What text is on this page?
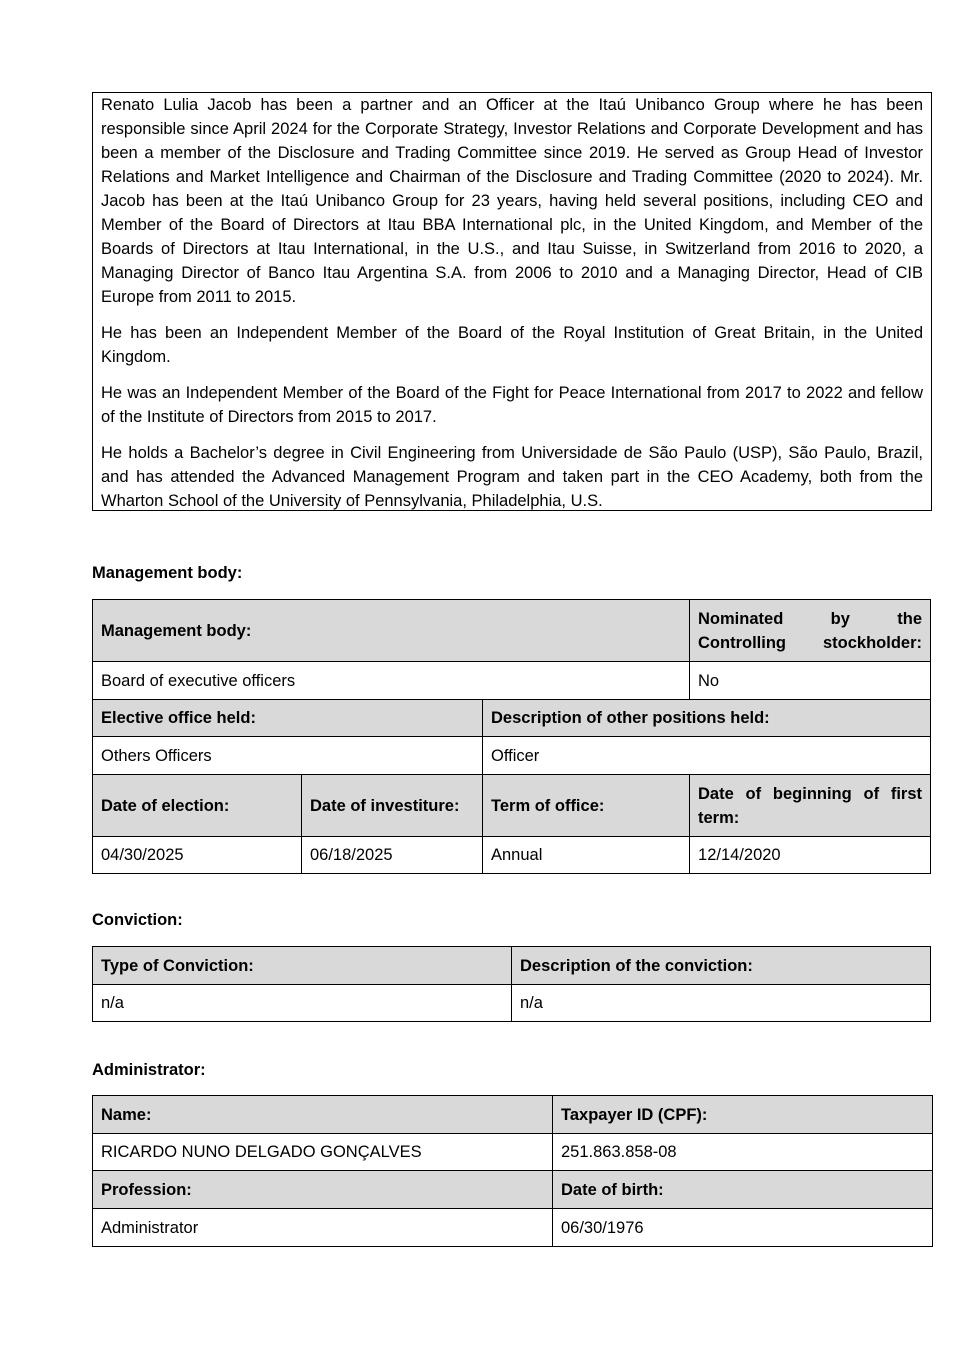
Renato Lulia Jacob has been a partner and an Officer at the Itaú Unibanco Group where he has been responsible since April 2024 for the Corporate Strategy, Investor Relations and Corporate Development and has been a member of the Disclosure and Trading Committee since 2019. He served as Group Head of Investor Relations and Market Intelligence and Chairman of the Disclosure and Trading Committee (2020 to 2024). Mr. Jacob has been at the Itaú Unibanco Group for 23 years, having held several positions, including CEO and Member of the Board of Directors at Itau BBA International plc, in the United Kingdom, and Member of the Boards of Directors at Itau International, in the U.S., and Itau Suisse, in Switzerland from 2016 to 2020, a Managing Director of Banco Itau Argentina S.A. from 2006 to 2010 and a Managing Director, Head of CIB Europe from 2011 to 2015.

He has been an Independent Member of the Board of the Royal Institution of Great Britain, in the United Kingdom.

He was an Independent Member of the Board of the Fight for Peace International from 2017 to 2022 and fellow of the Institute of Directors from 2015 to 2017.

He holds a Bachelor’s degree in Civil Engineering from Universidade de São Paulo (USP), São Paulo, Brazil, and has attended the Advanced Management Program and taken part in the CEO Academy, both from the Wharton School of the University of Pennsylvania, Philadelphia, U.S.

Management body:
Management body:			Nominated by the Controlling stockholder:
Board of executive officers			No
Elective office held:		Description of other positions held:	
Others Officers		Officer	
Date of election:	Date of investiture:	Term of office:	Date of beginning of first term:
04/30/2025	06/18/2025	Annual	12/14/2020
Conviction:
Type of Conviction:	Description of the conviction:
n/a	n/a
Administrator:
Name:	Taxpayer ID (CPF):
RICARDO NUNO DELGADO GONÇALVES	251.863.858-08
Profession:	Date of birth:
Administrator	06/30/1976
